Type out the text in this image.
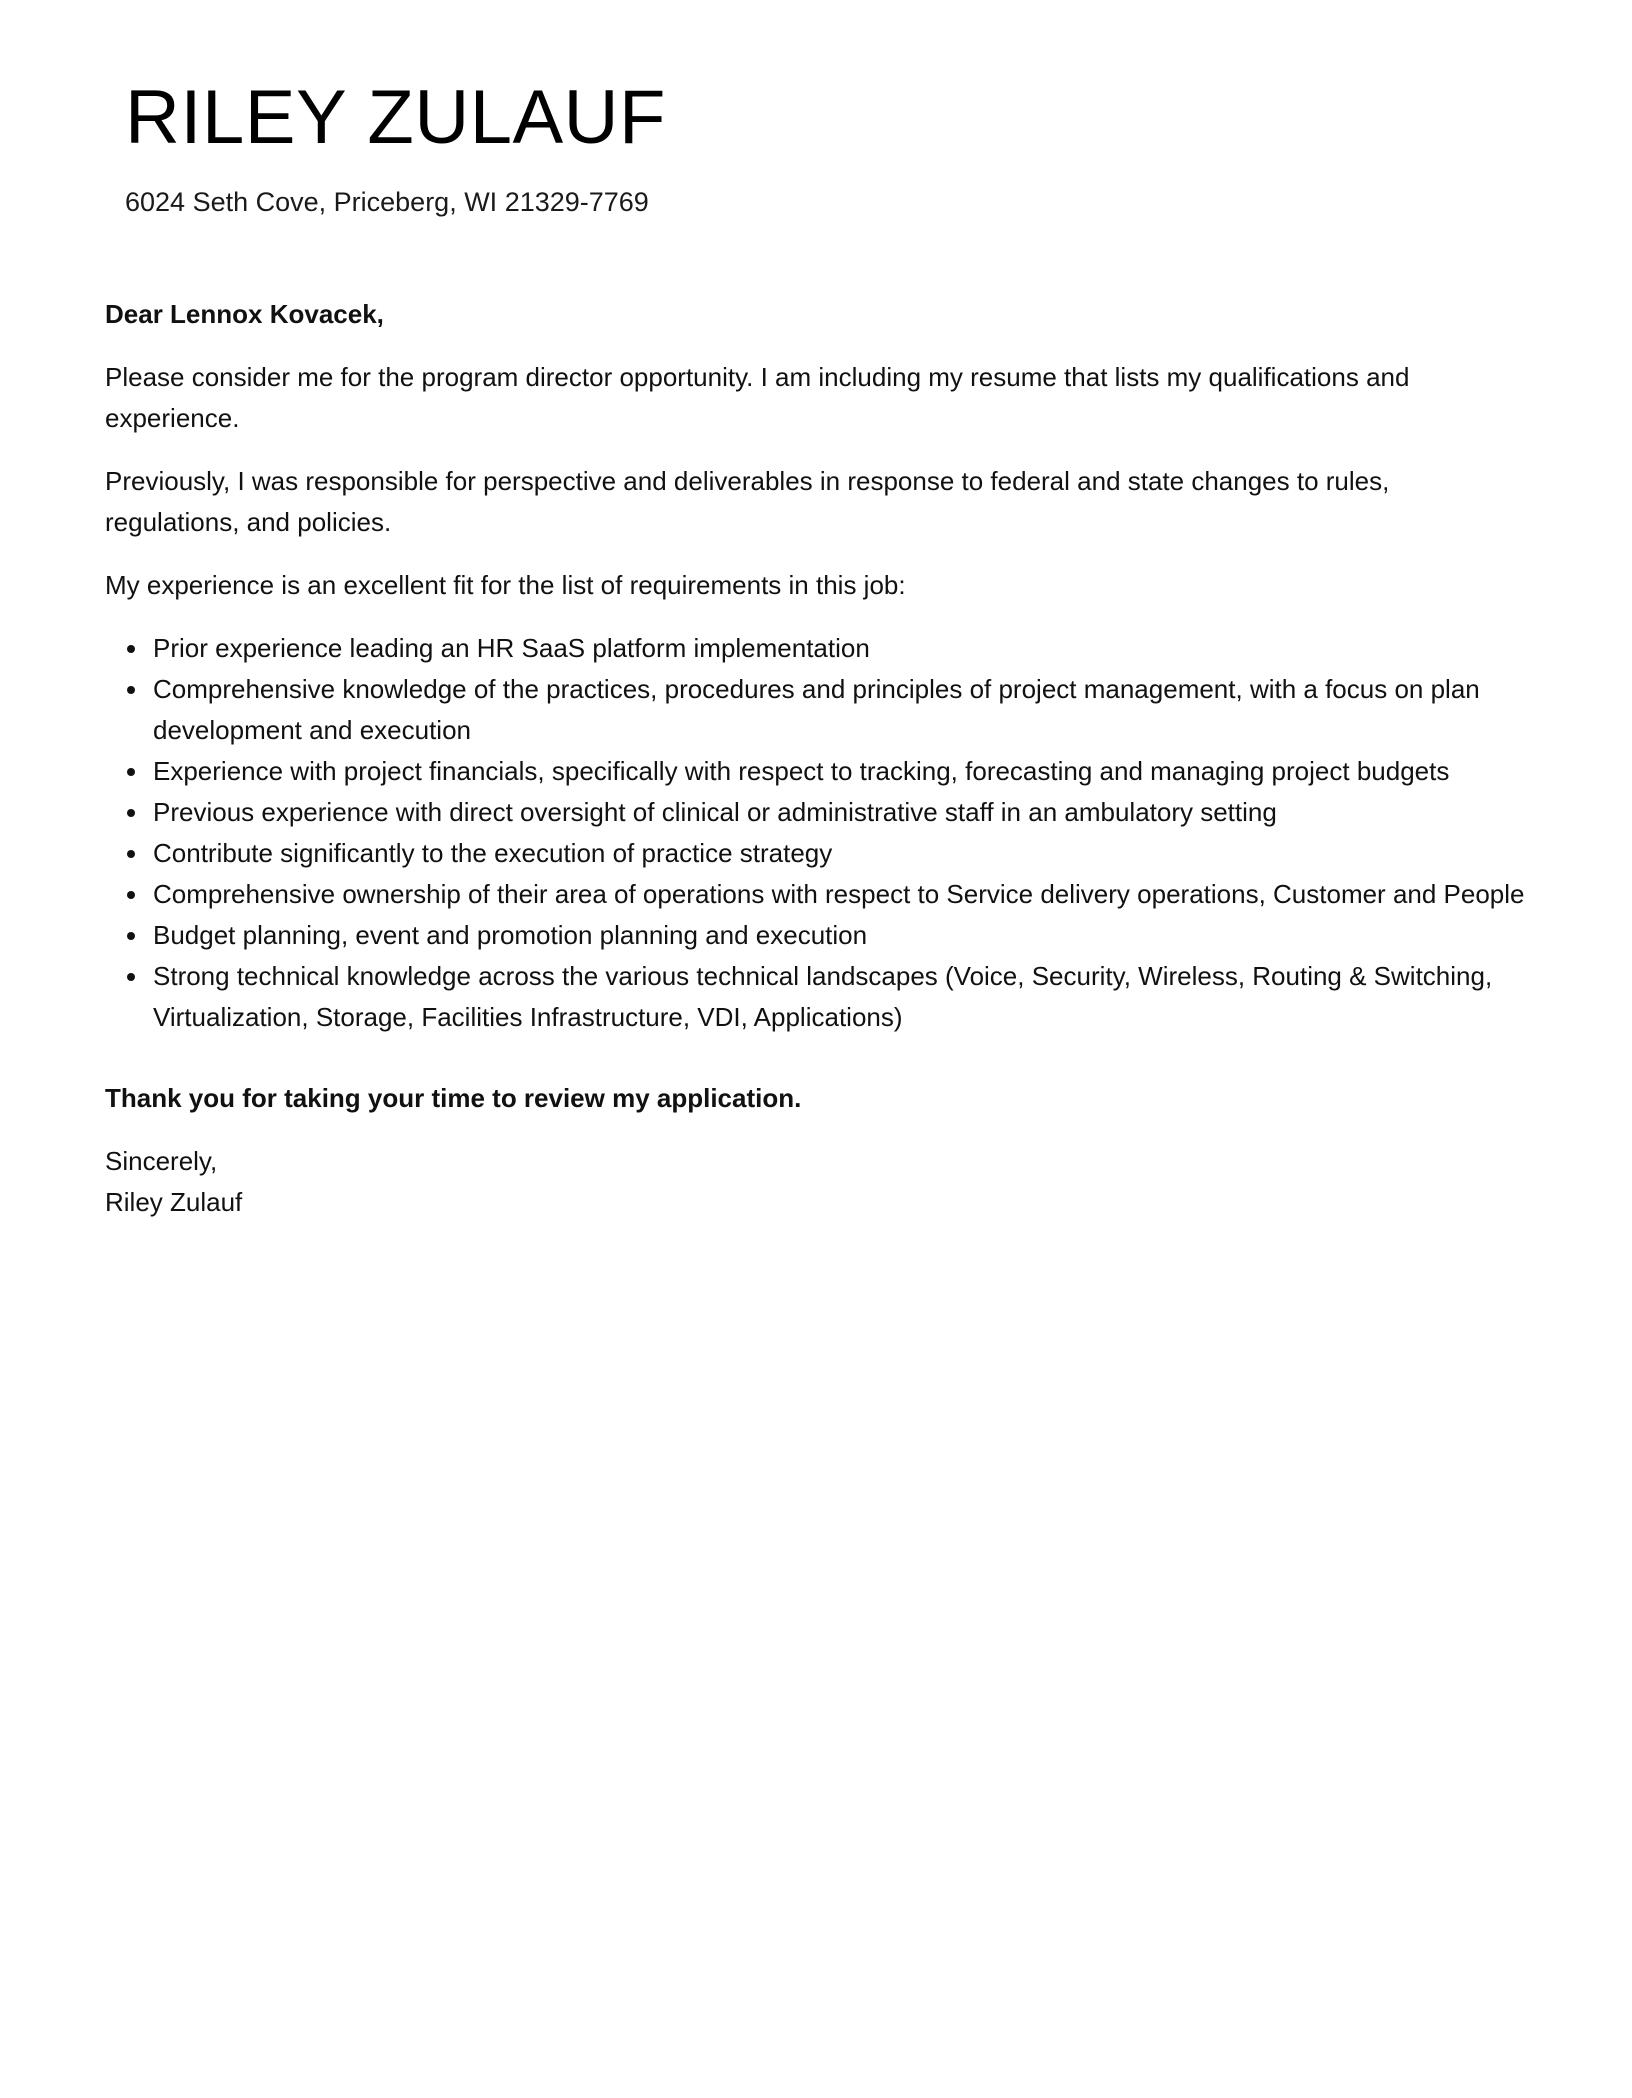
RILEY ZULAUF
6024 Seth Cove, Priceberg, WI 21329-7769

Dear Lennox Kovacek,

Please consider me for the program director opportunity. I am including my resume that lists my qualifications and experience.

Previously, I was responsible for perspective and deliverables in response to federal and state changes to rules, regulations, and policies.

My experience is an excellent fit for the list of requirements in this job:

Prior experience leading an HR SaaS platform implementation
Comprehensive knowledge of the practices, procedures and principles of project management, with a focus on plan development and execution
Experience with project financials, specifically with respect to tracking, forecasting and managing project budgets
Previous experience with direct oversight of clinical or administrative staff in an ambulatory setting
Contribute significantly to the execution of practice strategy
Comprehensive ownership of their area of operations with respect to Service delivery operations, Customer and People
Budget planning, event and promotion planning and execution
Strong technical knowledge across the various technical landscapes (Voice, Security, Wireless, Routing & Switching, Virtualization, Storage, Facilities Infrastructure, VDI, Applications)

Thank you for taking your time to review my application.

Sincerely,
Riley Zulauf
